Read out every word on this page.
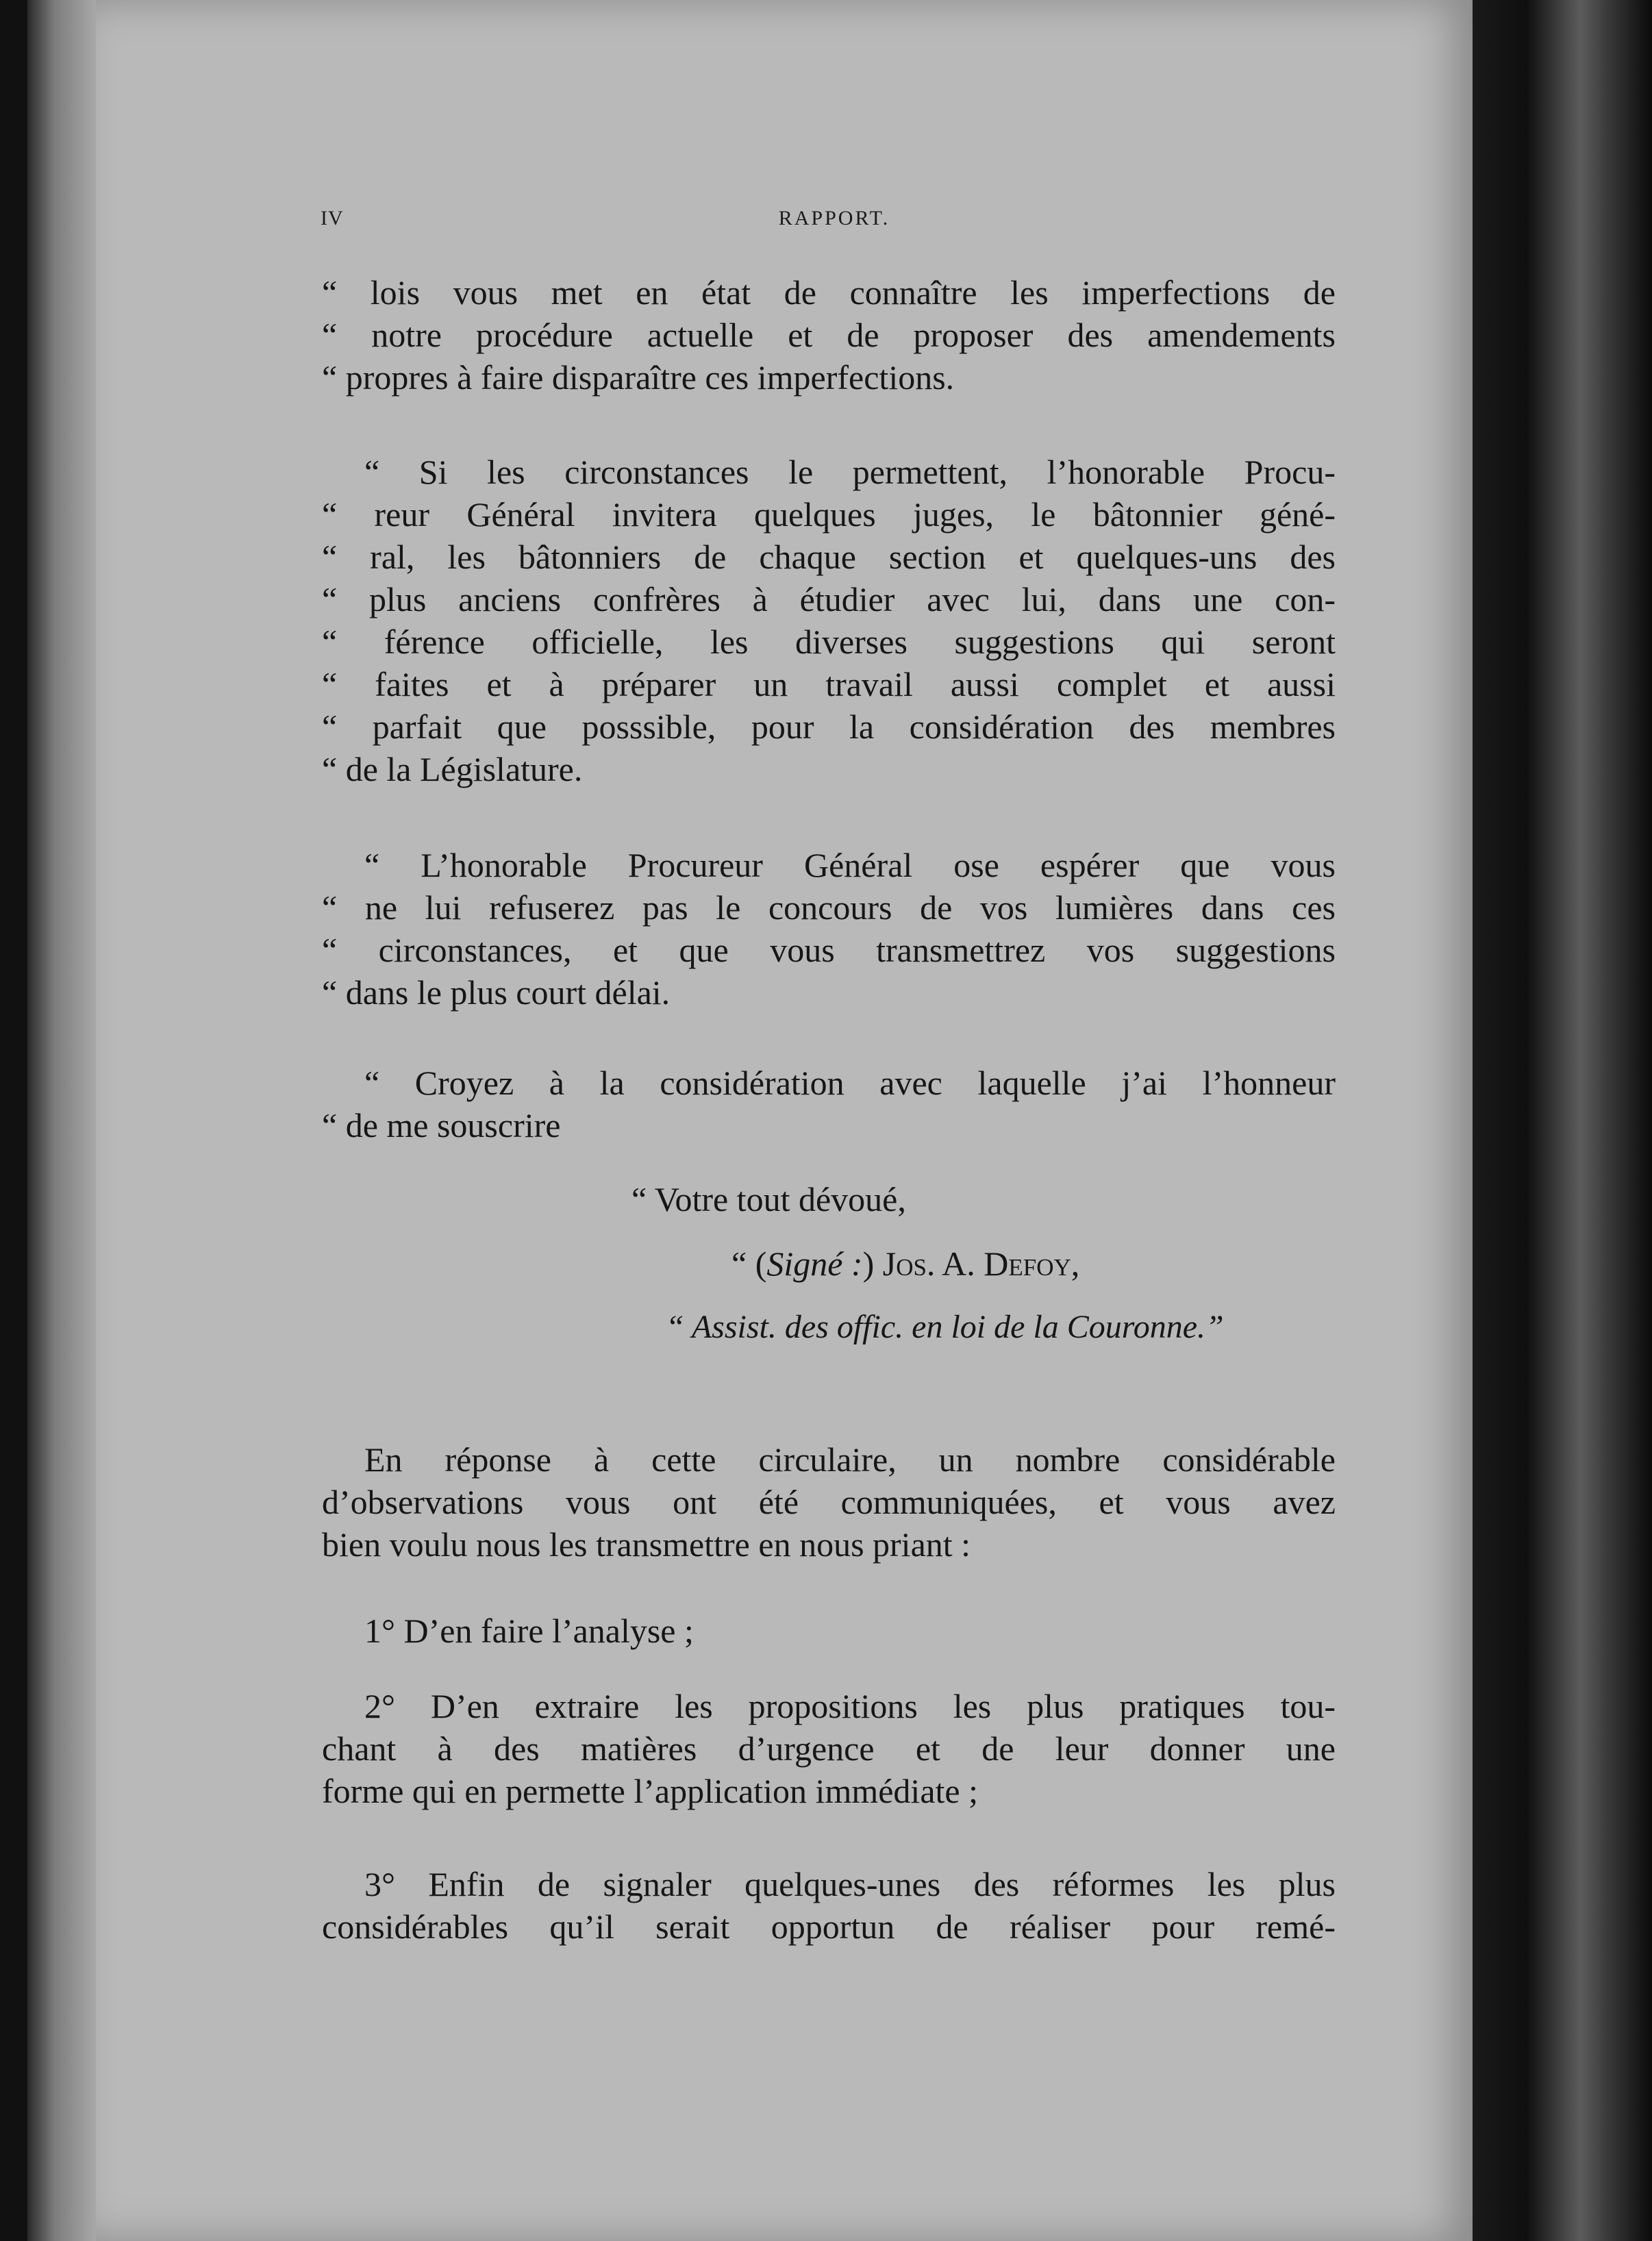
IV	RAPPORT.
“ lois vous met en état de connaître les imperfections de
“ notre procédure actuelle et de proposer des amendements
“ propres à faire disparaître ces imperfections.
“ Si les circonstances le permettent, l’honorable Procu-
“ reur Général invitera quelques juges, le bâtonnier géné-
“ ral, les bâtonniers de chaque section et quelques-uns des
“ plus anciens confrères à étudier avec lui, dans une con-
“ férence officielle, les diverses suggestions qui seront
“ faites et à préparer un travail aussi complet et aussi
“ parfait que posssible, pour la considération des membres
“ de la Législature.
“ L’honorable Procureur Général ose espérer que vous
“ ne lui refuserez pas le concours de vos lumières dans ces
“ circonstances, et que vous transmettrez vos suggestions
“ dans le plus court délai.
“ Croyez à la considération avec laquelle j’ai l’honneur
“ de me souscrire
“ Votre tout dévoué,
“ (Signé :) Jos. A. Defoy,
“ Assist. des offic. en loi de la Couronne.”
En réponse à cette circulaire, un nombre considérable
d’observations vous ont été communiquées, et vous avez
bien voulu nous les transmettre en nous priant :
1° D’en faire l’analyse ;
2° D’en extraire les propositions les plus pratiques tou-
chant à des matières d’urgence et de leur donner une
forme qui en permette l’application immédiate ;
3° Enfin de signaler quelques-unes des réformes les plus
considérables qu’il serait opportun de réaliser pour remé-
